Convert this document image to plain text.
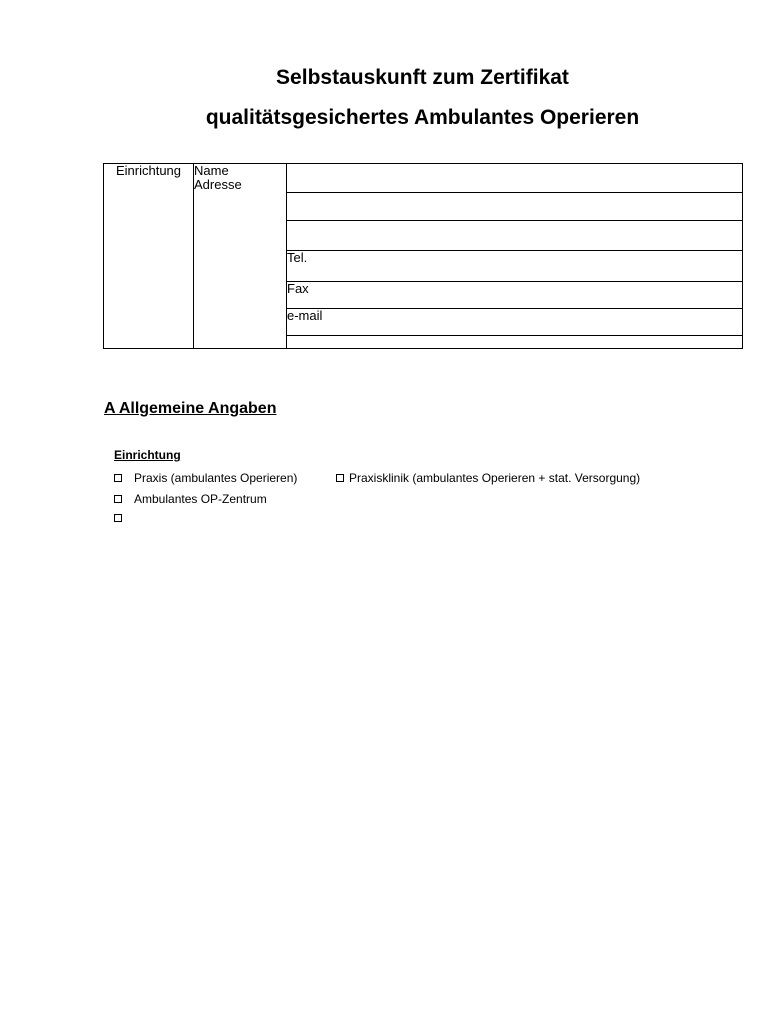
Selbstauskunft zum Zertifikat
qualitätsgesichertes Ambulantes Operieren
Einrichtung	Name
Adresse

Tel.
Fax
e-mail

A Allgemeine Angaben
Einrichtung
Praxis (ambulantes Operieren)	Praxisklinik (ambulantes Operieren + stat. Versorgung)
Ambulantes OP-Zentrum
